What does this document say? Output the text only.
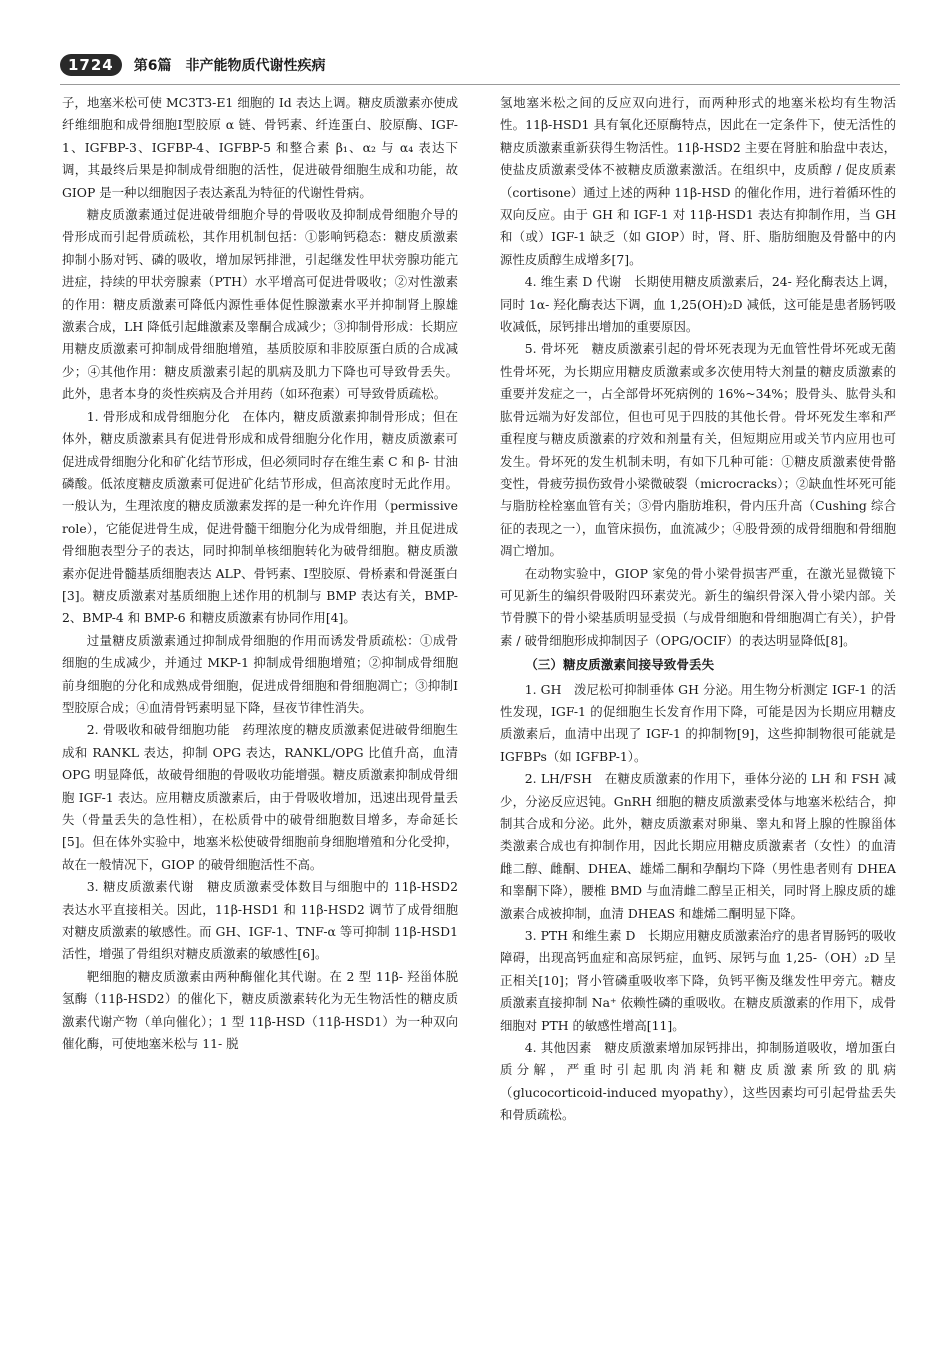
1724	第6篇 非产能物质代谢性疾病

子，地塞米松可使 MC3T3-E1 细胞的 Id 表达上调。糖皮质激素亦使成纤维细胞和成骨细胞Ⅰ型胶原 α 链、骨钙素、纤连蛋白、胶原酶、IGF-1、IGFBP-3、IGFBP-4、IGFBP-5 和整合素 β₁、α₂ 与 α₄ 表达下调，其最终后果是抑制成骨细胞的活性，促进破骨细胞生成和功能，故 GIOP 是一种以细胞因子表达紊乱为特征的代谢性骨病。

糖皮质激素通过促进破骨细胞介导的骨吸收及抑制成骨细胞介导的骨形成而引起骨质疏松，其作用机制包括：①影响钙稳态：糖皮质激素抑制小肠对钙、磷的吸收，增加尿钙排泄，引起继发性甲状旁腺功能亢进症，持续的甲状旁腺素（PTH）水平增高可促进骨吸收；②对性激素的作用：糖皮质激素可降低内源性垂体促性腺激素水平并抑制肾上腺雄激素合成，LH 降低引起雌激素及睾酮合成减少；③抑制骨形成：长期应用糖皮质激素可抑制成骨细胞增殖，基质胶原和非胶原蛋白质的合成减少；④其他作用：糖皮质激素引起的肌病及肌力下降也可导致骨丢失。此外，患者本身的炎性疾病及合并用药（如环孢素）可导致骨质疏松。

1. 骨形成和成骨细胞分化　在体内，糖皮质激素抑制骨形成；但在体外，糖皮质激素具有促进骨形成和成骨细胞分化作用，糖皮质激素可促进成骨细胞分化和矿化结节形成，但必须同时存在维生素 C 和 β- 甘油磷酸。低浓度糖皮质激素可促进矿化结节形成，但高浓度时无此作用。一般认为，生理浓度的糖皮质激素发挥的是一种允许作用（permissive role），它能促进骨生成，促进骨髓干细胞分化为成骨细胞，并且促进成骨细胞表型分子的表达，同时抑制单核细胞转化为破骨细胞。糖皮质激素亦促进骨髓基质细胞表达 ALP、骨钙素、Ⅰ型胶原、骨桥素和骨涎蛋白[3]。糖皮质激素对基质细胞上述作用的机制与 BMP 表达有关，BMP-2、BMP-4 和 BMP-6 和糖皮质激素有协同作用[4]。

过量糖皮质激素通过抑制成骨细胞的作用而诱发骨质疏松：①成骨细胞的生成减少，并通过 MKP-1 抑制成骨细胞增殖；②抑制成骨细胞前身细胞的分化和成熟成骨细胞，促进成骨细胞和骨细胞凋亡；③抑制Ⅰ型胶原合成；④血清骨钙素明显下降，昼夜节律性消失。

2. 骨吸收和破骨细胞功能　药理浓度的糖皮质激素促进破骨细胞生成和 RANKL 表达，抑制 OPG 表达，RANKL/OPG 比值升高，血清 OPG 明显降低，故破骨细胞的骨吸收功能增强。糖皮质激素抑制成骨细胞 IGF-1 表达。应用糖皮质激素后，由于骨吸收增加，迅速出现骨量丢失（骨量丢失的急性相），在松质骨中的破骨细胞数目增多，寿命延长[5]。但在体外实验中，地塞米松使破骨细胞前身细胞增殖和分化受抑，故在一般情况下，GIOP 的破骨细胞活性不高。

3. 糖皮质激素代谢　糖皮质激素受体数目与细胞中的 11β-HSD2 表达水平直接相关。因此，11β-HSD1 和 11β-HSD2 调节了成骨细胞对糖皮质激素的敏感性。而 GH、IGF-1、TNF-α 等可抑制 11β-HSD1 活性，增强了骨组织对糖皮质激素的敏感性[6]。

靶细胞的糖皮质激素由两种酶催化其代谢。在 2 型 11β- 羟甾体脱氢酶（11β-HSD2）的催化下，糖皮质激素转化为无生物活性的糖皮质激素代谢产物（单向催化）；1 型 11β-HSD（11β-HSD1）为一种双向催化酶，可使地塞米松与 11- 脱

氢地塞米松之间的反应双向进行，而两种形式的地塞米松均有生物活性。11β-HSD1 具有氧化还原酶特点，因此在一定条件下，使无活性的糖皮质激素重新获得生物活性。11β-HSD2 主要在肾脏和胎盘中表达，使盐皮质激素受体不被糖皮质激素激活。在组织中，皮质醇 / 促皮质素（cortisone）通过上述的两种 11β-HSD 的催化作用，进行着循环性的双向反应。由于 GH 和 IGF-1 对 11β-HSD1 表达有抑制作用，当 GH 和（或）IGF-1 缺乏（如 GIOP）时，肾、肝、脂肪细胞及骨骼中的内源性皮质醇生成增多[7]。

4. 维生素 D 代谢　长期使用糖皮质激素后，24- 羟化酶表达上调，同时 1α- 羟化酶表达下调，血 1,25(OH)₂D 减低，这可能是患者肠钙吸收减低，尿钙排出增加的重要原因。

5. 骨坏死　糖皮质激素引起的骨坏死表现为无血管性骨坏死或无菌性骨坏死，为长期应用糖皮质激素或多次使用特大剂量的糖皮质激素的重要并发症之一，占全部骨坏死病例的 16%~34%；股骨头、肱骨头和肱骨远端为好发部位，但也可见于四肢的其他长骨。骨坏死发生率和严重程度与糖皮质激素的疗效和剂量有关，但短期应用或关节内应用也可发生。骨坏死的发生机制未明，有如下几种可能：①糖皮质激素使骨骼变性，骨疲劳损伤致骨小梁微破裂（microcracks）；②缺血性坏死可能与脂肪栓栓塞血管有关；③骨内脂肪堆积，骨内压升高（Cushing 综合征的表现之一），血管床损伤，血流减少；④股骨颈的成骨细胞和骨细胞凋亡增加。

在动物实验中，GIOP 家兔的骨小梁骨损害严重，在激光显微镜下可见新生的编织骨吸附四环素荧光。新生的编织骨深入骨小梁内部。关节骨膜下的骨小梁基质明显受损（与成骨细胞和骨细胞凋亡有关），护骨素 / 破骨细胞形成抑制因子（OPG/OCIF）的表达明显降低[8]。

（三）糖皮质激素间接导致骨丢失

1. GH　泼尼松可抑制垂体 GH 分泌。用生物分析测定 IGF-1 的活性发现，IGF-1 的促细胞生长发育作用下降，可能是因为长期应用糖皮质激素后，血清中出现了 IGF-1 的抑制物[9]，这些抑制物很可能就是 IGFBPs（如 IGFBP-1）。

2. LH/FSH　在糖皮质激素的作用下，垂体分泌的 LH 和 FSH 减少，分泌反应迟钝。GnRH 细胞的糖皮质激素受体与地塞米松结合，抑制其合成和分泌。此外，糖皮质激素对卵巢、睾丸和肾上腺的性腺甾体类激素合成也有抑制作用，因此长期应用糖皮质激素者（女性）的血清雌二醇、雌酮、DHEA、雄烯二酮和孕酮均下降（男性患者则有 DHEA 和睾酮下降），腰椎 BMD 与血清雌二醇呈正相关，同时肾上腺皮质的雄激素合成被抑制，血清 DHEAS 和雄烯二酮明显下降。

3. PTH 和维生素 D　长期应用糖皮质激素治疗的患者胃肠钙的吸收障碍，出现高钙血症和高尿钙症，血钙、尿钙与血 1,25-（OH）₂D 呈正相关[10]；肾小管磷重吸收率下降，负钙平衡及继发性甲旁亢。糖皮质激素直接抑制 Na⁺ 依赖性磷的重吸收。在糖皮质激素的作用下，成骨细胞对 PTH 的敏感性增高[11]。

4. 其他因素　糖皮质激素增加尿钙排出，抑制肠道吸收，增加蛋白质分解，严重时引起肌肉消耗和糖皮质激素所致的肌病（glucocorticoid-induced myopathy），这些因素均可引起骨盐丢失和骨质疏松。
